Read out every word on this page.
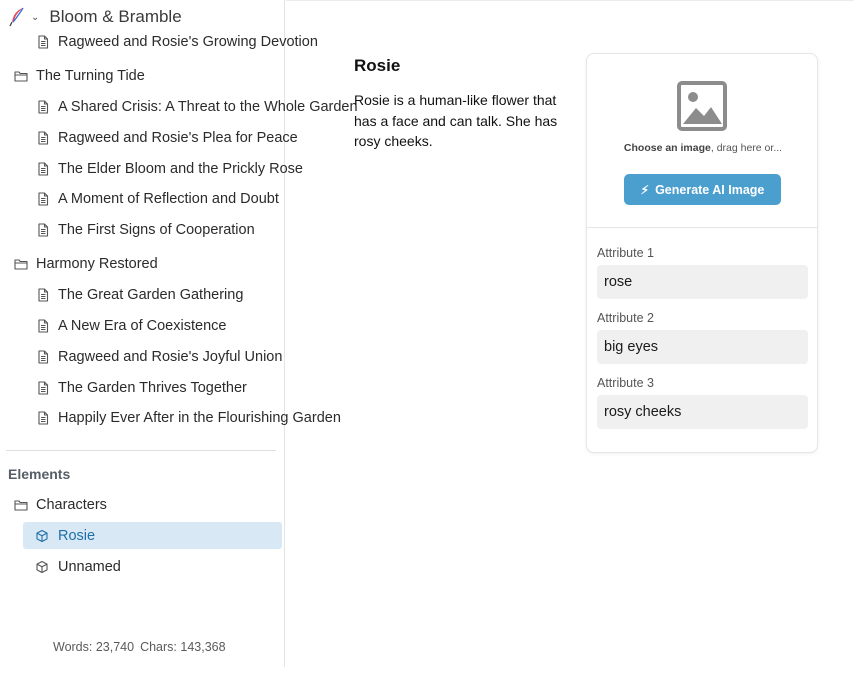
⌄ Bloom & Bramble
Ragweed and Rosie's Growing Devotion
The Turning Tide
A Shared Crisis: A Threat to the Whole Garden
Ragweed and Rosie's Plea for Peace
The Elder Bloom and the Prickly Rose
A Moment of Reflection and Doubt
The First Signs of Cooperation
Harmony Restored
The Great Garden Gathering
A New Era of Coexistence
Ragweed and Rosie's Joyful Union
The Garden Thrives Together
Happily Ever After in the Flourishing Garden
Elements
Characters
Rosie
Unnamed
Words: 23,740 Chars: 143,368
Rosie

Rosie is a human-like flower that has a face and can talk. She has rosy cheeks.	Choose an image, drag here or...
⚡︎ Generate AI Image
Attribute 1
rose
Attribute 2
big eyes
Attribute 3
rosy cheeks
